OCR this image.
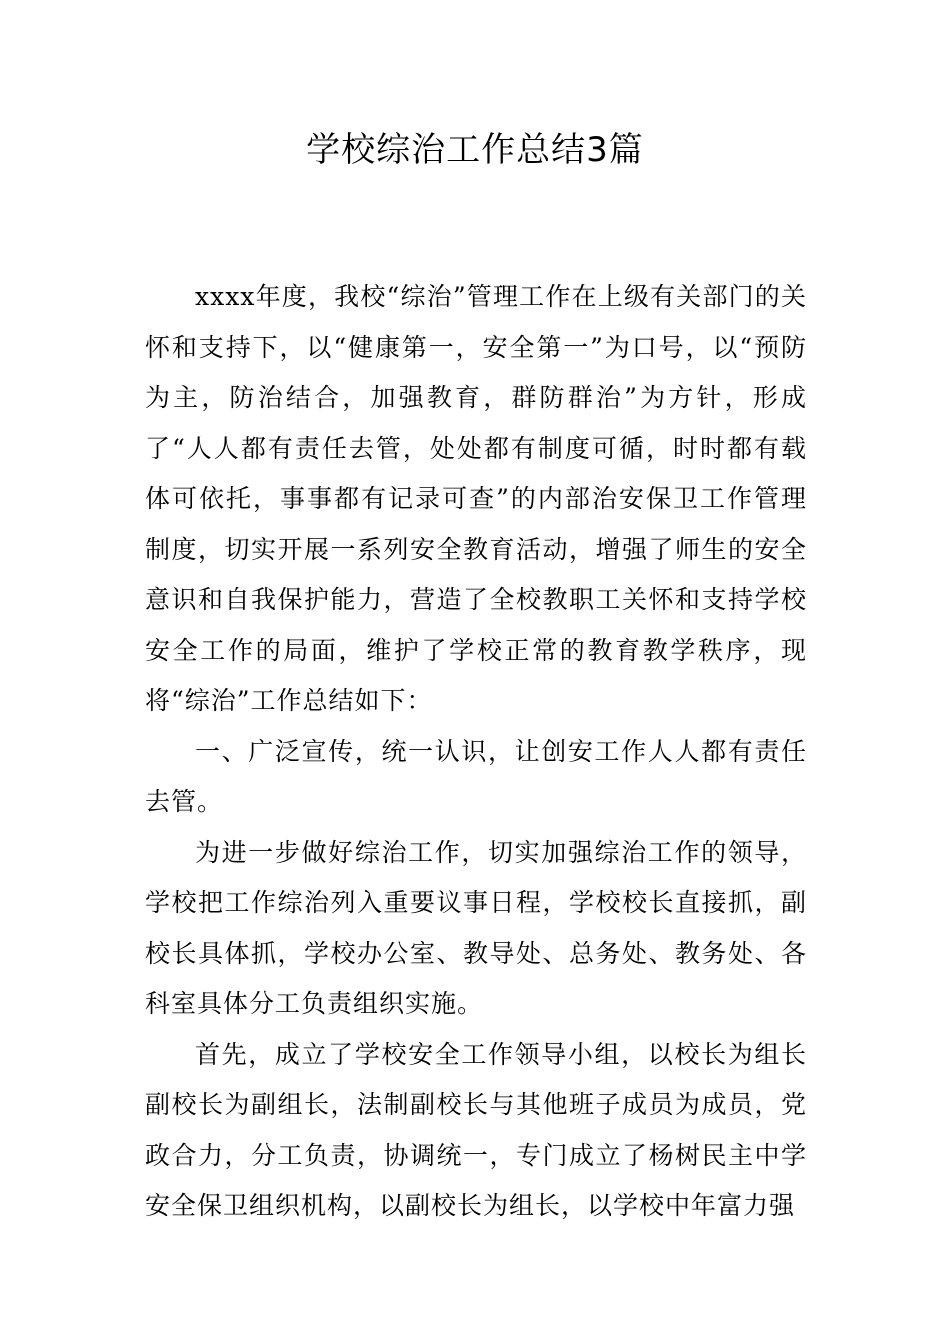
学校综治工作总结3篇

xxxx年度，我校“综治”管理工作在上级有关部门的关怀和支持下，以“健康第一，安全第一”为口号，以“预防为主，防治结合，加强教育，群防群治”为方针，形成了“人人都有责任去管，处处都有制度可循，时时都有载体可依托，事事都有记录可查”的内部治安保卫工作管理制度，切实开展一系列安全教育活动，增强了师生的安全意识和自我保护能力，营造了全校教职工关怀和支持学校安全工作的局面，维护了学校正常的教育教学秩序，现将“综治”工作总结如下：

一、广泛宣传，统一认识，让创安工作人人都有责任去管。

为进一步做好综治工作，切实加强综治工作的领导，学校把工作综治列入重要议事日程，学校校长直接抓，副校长具体抓，学校办公室、教导处、总务处、教务处、各科室具体分工负责组织实施。

首先，成立了学校安全工作领导小组，以校长为组长副校长为副组长，法制副校长与其他班子成员为成员，党政合力，分工负责，协调统一，专门成立了杨树民主中学安全保卫组织机构，以副校长为组长，以学校中年富力强
